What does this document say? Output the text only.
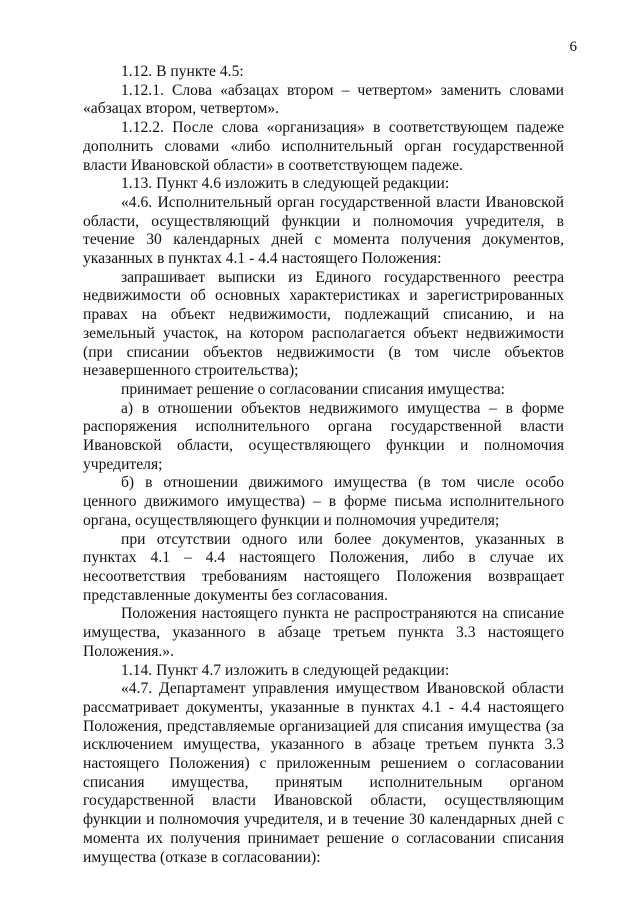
6

1.12. В пункте 4.5:

1.12.1. Слова «абзацах втором – четвертом» заменить словами «абзацах втором, четвертом».

1.12.2. После слова «организация» в соответствующем падеже дополнить словами «либо исполнительный орган государственной власти Ивановской области» в соответствующем падеже.

1.13. Пункт 4.6 изложить в следующей редакции:

«4.6. Исполнительный орган государственной власти Ивановской области, осуществляющий функции и полномочия учредителя, в течение 30 календарных дней с момента получения документов, указанных в пунктах 4.1 - 4.4 настоящего Положения:

запрашивает выписки из Единого государственного реестра недвижимости об основных характеристиках и зарегистрированных правах на объект недвижимости, подлежащий списанию, и на земельный участок, на котором располагается объект недвижимости (при списании объектов недвижимости (в том числе объектов незавершенного строительства);

принимает решение о согласовании списания имущества:

а) в отношении объектов недвижимого имущества – в форме распоряжения исполнительного органа государственной власти Ивановской области, осуществляющего функции и полномочия учредителя;

б) в отношении движимого имущества (в том числе особо ценного движимого имущества) – в форме письма исполнительного органа, осуществляющего функции и полномочия учредителя;

при отсутствии одного или более документов, указанных в пунктах 4.1 – 4.4 настоящего Положения, либо в случае их несоответствия требованиям настоящего Положения возвращает представленные документы без согласования.

Положения настоящего пункта не распространяются на списание имущества, указанного в абзаце третьем пункта 3.3 настоящего Положения.».

1.14. Пункт 4.7 изложить в следующей редакции:

«4.7. Департамент управления имуществом Ивановской области рассматривает документы, указанные в пунктах 4.1 - 4.4 настоящего Положения, представляемые организацией для списания имущества (за исключением имущества, указанного в абзаце третьем пункта 3.3 настоящего Положения) с приложенным решением о согласовании списания имущества, принятым исполнительным органом государственной власти Ивановской области, осуществляющим функции и полномочия учредителя, и в течение 30 календарных дней с момента их получения принимает решение о согласовании списания имущества (отказе в согласовании):
